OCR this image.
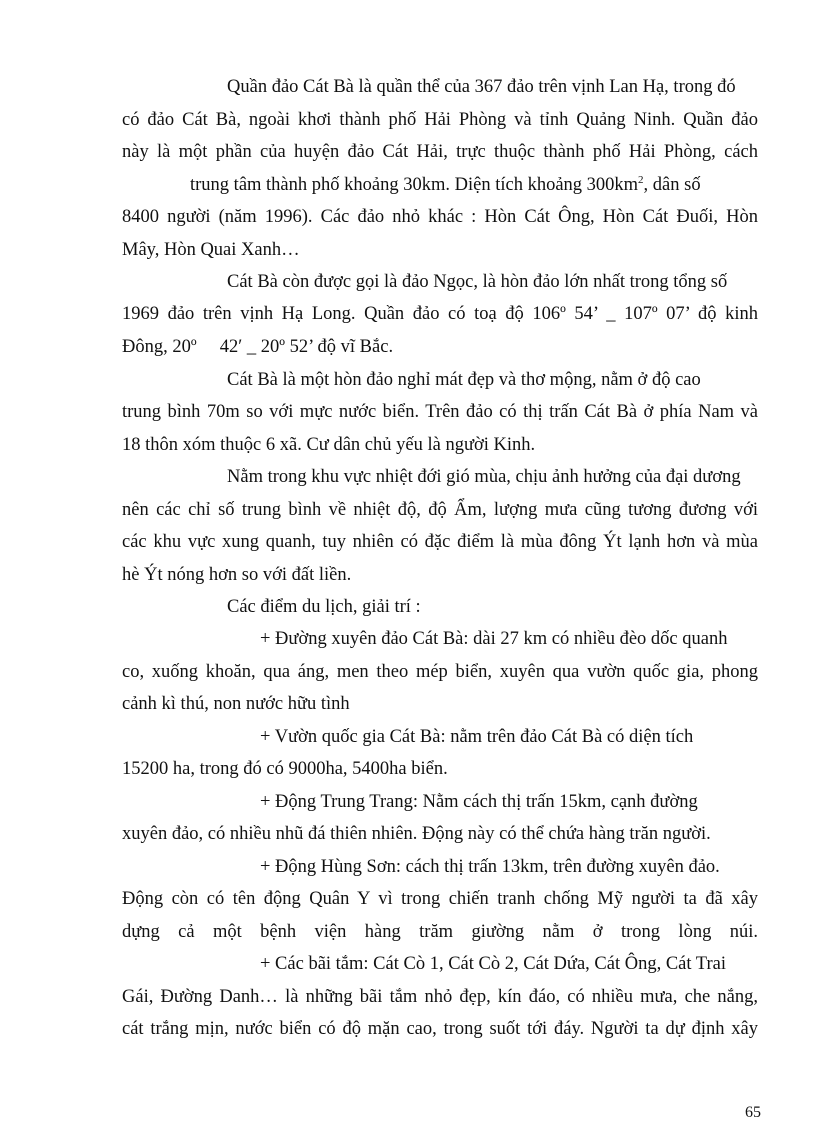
Quần đảo Cát Bà là quần thể của 367 đảo trên vịnh Lan Hạ, trong đó
có đảo Cát Bà, ngoài khơi thành phố Hải Phòng và tỉnh Quảng Ninh. Quần đảo
này là một phần của huyện đảo Cát Hải, trực thuộc thành phố Hải Phòng, cách
trung tâm thành phố khoảng 30km. Diện tích khoảng $300km^2$, dân số
8400 người (năm 1996). Các đảo nhỏ khác : Hòn Cát Ông, Hòn Cát Đuối, Hòn
Mây, Hòn Quai Xanh…
Cát Bà còn được gọi là đảo Ngọc, là hòn đảo lớn nhất trong tổng số
1969 đảo trên vịnh Hạ Long. Quần đảo có toạ độ 106º 54’ _ 107º 07’ độ kinh
Đông, 20º     42′ _ 20º 52’ độ vĩ Bắc.
Cát Bà là một hòn đảo nghỉ mát đẹp và thơ mộng, nằm ở độ cao
trung bình 70m so với mực nước biển. Trên đảo có thị trấn Cát Bà ở phía Nam và
18 thôn xóm thuộc 6 xã. Cư dân chủ yếu là người Kinh.
Nằm trong khu vực nhiệt đới gió mùa, chịu ảnh hưởng của đại dương
nên các chỉ số trung bình về nhiệt độ, độ Ẩm, lượng mưa cũng tương đương với
các khu vực xung quanh, tuy nhiên có đặc điểm là mùa đông Ýt lạnh hơn và mùa
hè Ýt nóng hơn so với đất liền.
Các điểm du lịch, giải trí :
+ Đường xuyên đảo Cát Bà: dài 27 km có nhiều đèo dốc quanh
co, xuống khoăn, qua áng, men theo mép biển, xuyên qua vườn quốc gia, phong
cảnh kì thú, non nước hữu tình
+ Vườn quốc gia Cát Bà: nằm trên đảo Cát Bà có diện tích
15200 ha, trong đó có 9000ha, 5400ha biển.
+ Động Trung Trang: Nằm cách thị trấn 15km, cạnh đường
xuyên đảo, có nhiều nhũ đá thiên nhiên. Động này có thể chứa hàng trăn người.
+ Động Hùng Sơn: cách thị trấn 13km, trên đường xuyên đảo.
Động còn có tên động Quân Y vì trong chiến tranh chống Mỹ người ta đã xây
dựng cả một bệnh viện hàng trăm giường nằm ở trong lòng núi.
+ Các bãi tắm: Cát Cò 1, Cát Cò 2, Cát Dứa, Cát Ông, Cát Trai
Gái, Đường Danh… là những bãi tắm nhỏ đẹp, kín đáo, có nhiều mưa, che nắng,
cát trắng mịn, nước biển có độ mặn cao, trong suốt tới đáy. Người ta dự định xây
65
